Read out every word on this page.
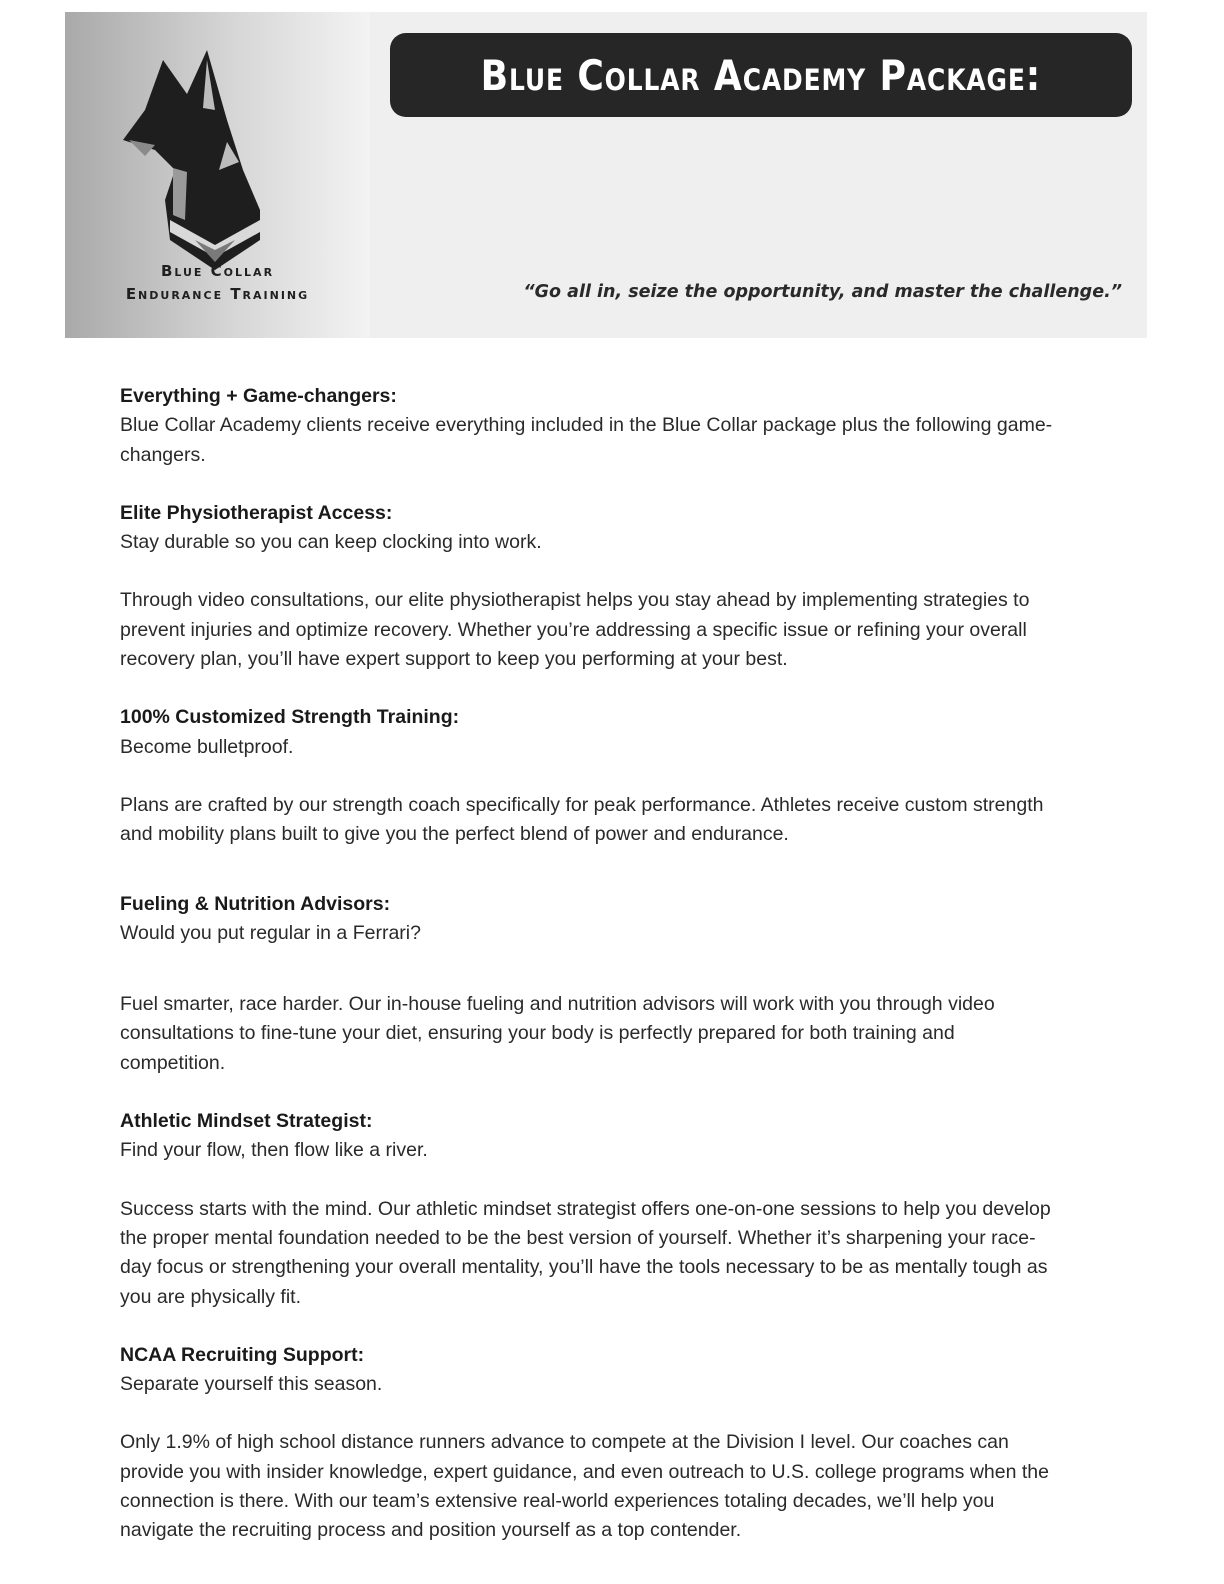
Blue Collar
Endurance Training
Blue Collar Academy Package:
“Go all in, seize the opportunity, and master the challenge.”
Everything + Game-changers:

Blue Collar Academy clients receive everything included in the Blue Collar package plus the following game-changers.

Elite Physiotherapist Access:

Stay durable so you can keep clocking into work.

Through video consultations, our elite physiotherapist helps you stay ahead by implementing strategies to prevent injuries and optimize recovery. Whether you’re addressing a specific issue or refining your overall recovery plan, you’ll have expert support to keep you performing at your best.

100% Customized Strength Training:

Become bulletproof.

Plans are crafted by our strength coach specifically for peak performance. Athletes receive custom strength and mobility plans built to give you the perfect blend of power and endurance.

Fueling & Nutrition Advisors:

Would you put regular in a Ferrari?

Fuel smarter, race harder. Our in-house fueling and nutrition advisors will work with you through video consultations to fine-tune your diet, ensuring your body is perfectly prepared for both training and competition.

Athletic Mindset Strategist:

Find your flow, then flow like a river.

Success starts with the mind. Our athletic mindset strategist offers one-on-one sessions to help you develop the proper mental foundation needed to be the best version of yourself. Whether it’s sharpening your race-day focus or strengthening your overall mentality, you’ll have the tools necessary to be as mentally tough as you are physically fit.

NCAA Recruiting Support:

Separate yourself this season.

Only 1.9% of high school distance runners advance to compete at the Division I level. Our coaches can provide you with insider knowledge, expert guidance, and even outreach to U.S. college programs when the connection is there. With our team’s extensive real-world experiences totaling decades, we’ll help you navigate the recruiting process and position yourself as a top contender.
